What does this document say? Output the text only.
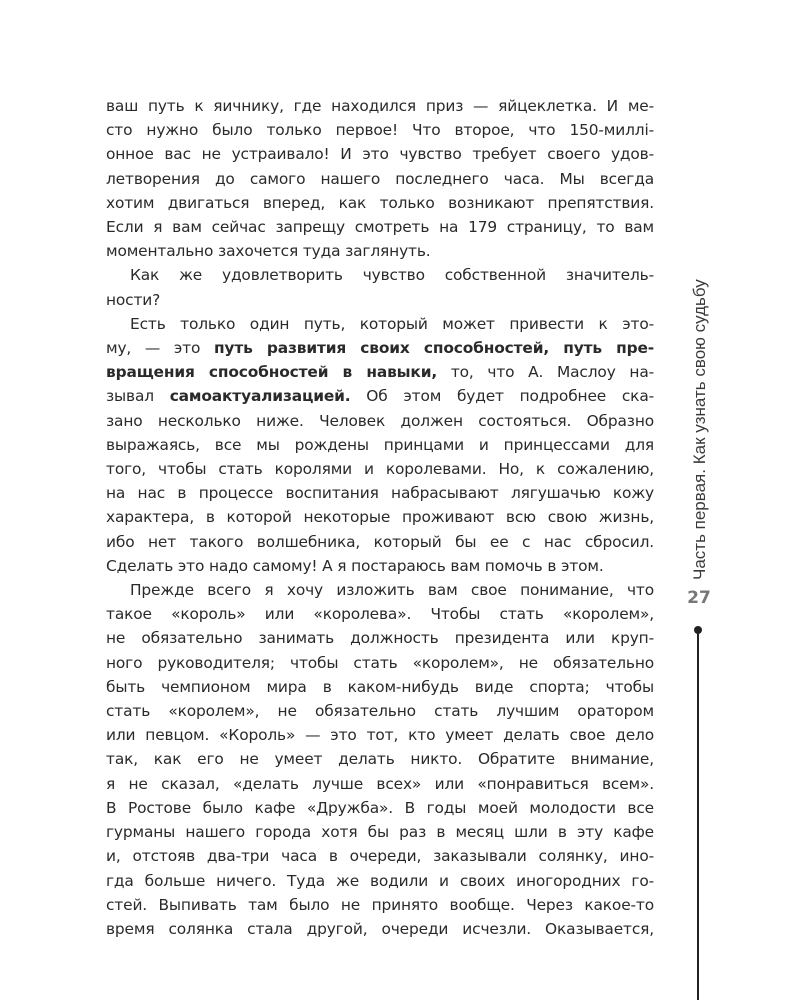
ваш путь к яичнику, где находился приз — яйцеклетка. И ме-
сто нужно было только первое! Что второе, что 150-миллi-
онное вас не устраивало! И это чувство требует своего удов-
летворения до самого нашего последнего часа. Мы всегда
хотим двигаться вперед, как только возникают препятствия.
Если я вам сейчас запрещу смотреть на 179 страницу, то вам
моментально захочется туда заглянуть.
Как же удовлетворить чувство собственной значитель-
ности?
Есть только один путь, который может привести к это-
му, — это путь развития своих способностей, путь пре-
вращения способностей в навыки, то, что А. Маслоу на-
зывал самоактуализацией. Об этом будет подробнее ска-
зано несколько ниже. Человек должен состояться. Образно
выражаясь, все мы рождены принцами и принцессами для
того, чтобы стать королями и королевами. Но, к сожалению,
на нас в процессе воспитания набрасывают лягушачью кожу
характера, в которой некоторые проживают всю свою жизнь,
ибо нет такого волшебника, который бы ее с нас сбросил.
Сделать это надо самому! А я постараюсь вам помочь в этом.
Прежде всего я хочу изложить вам свое понимание, что
такое «король» или «королева». Чтобы стать «королем»,
не обязательно занимать должность президента или круп-
ного руководителя; чтобы стать «королем», не обязательно
быть чемпионом мира в каком-нибудь виде спорта; чтобы
стать «королем», не обязательно стать лучшим оратором
или певцом. «Король» — это тот, кто умеет делать свое дело
так, как его не умеет делать никто. Обратите внимание,
я не сказал, «делать лучше всех» или «понравиться всем».
В Ростове было кафе «Дружба». В годы моей молодости все
гурманы нашего города хотя бы раз в месяц шли в эту кафе
и, отстояв два-три часа в очереди, заказывали солянку, ино-
гда больше ничего. Туда же водили и своих иногородних го-
стей. Выпивать там было не принято вообще. Через какое-то
время солянка стала другой, очереди исчезли. Оказывается,
Часть первая. Как узнать свою судьбу
27
